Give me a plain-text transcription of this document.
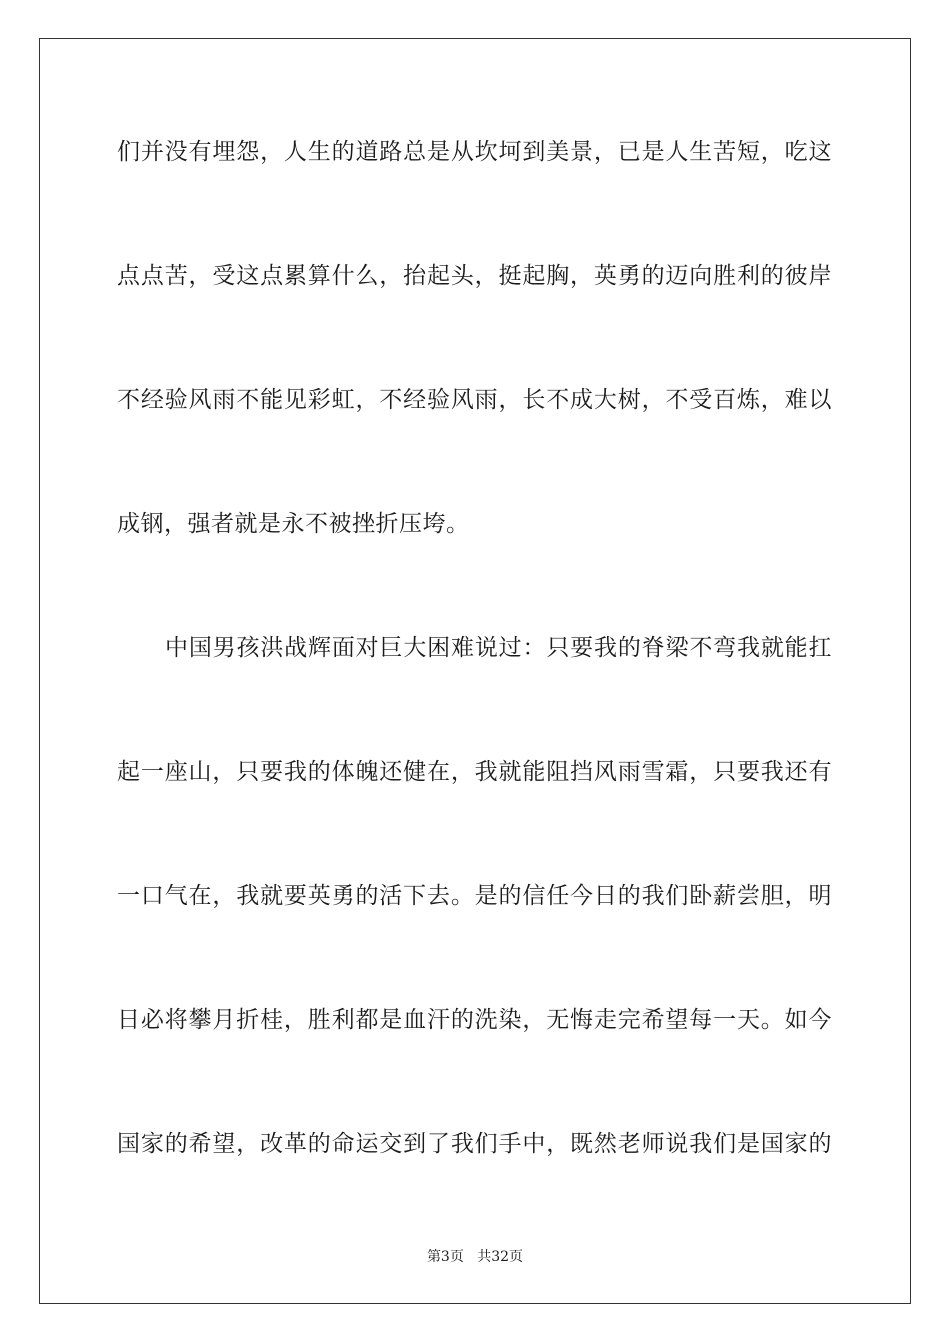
们并没有埋怨，人生的道路总是从坎坷到美景，已是人生苦短，吃这
点点苦，受这点累算什么，抬起头，挺起胸，英勇的迈向胜利的彼岸
不经验风雨不能见彩虹，不经验风雨，长不成大树，不受百炼，难以
成钢，强者就是永不被挫折压垮。
中国男孩洪战辉面对巨大困难说过：只要我的脊梁不弯我就能扛
起一座山，只要我的体魄还健在，我就能阻挡风雨雪霜，只要我还有
一口气在，我就要英勇的活下去。是的信任今日的我们卧薪尝胆，明
日必将攀月折桂，胜利都是血汗的洗染，无悔走完希望每一天。如今
国家的希望，改革的命运交到了我们手中，既然老师说我们是国家的
第3页 共32页
